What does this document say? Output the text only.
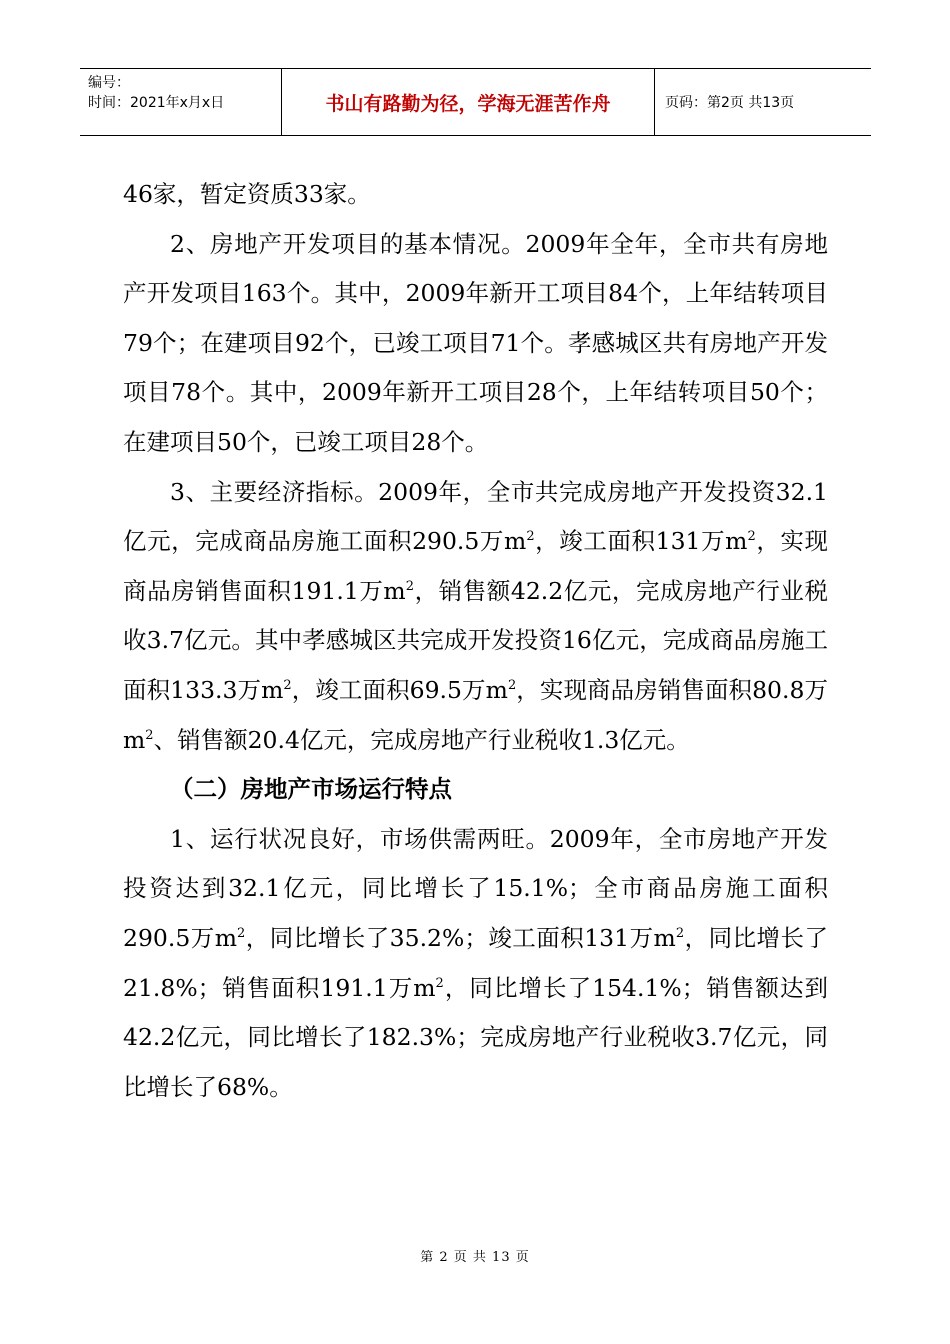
编号：
时间：2021年x月x日	书山有路勤为径，学海无涯苦作舟	页码：第2页 共13页

46家，暂定资质33家。

2、房地产开发项目的基本情况。2009年全年，全市共有房地产开发项目163个。其中，2009年新开工项目84个，上年结转项目79个；在建项目92个，已竣工项目71个。孝感城区共有房地产开发项目78个。其中，2009年新开工项目28个，上年结转项目50个；在建项目50个，已竣工项目28个。

3、主要经济指标。2009年，全市共完成房地产开发投资32.1亿元，完成商品房施工面积290.5万$m^2$，竣工面积131万$m^2$，实现商品房销售面积191.1万$m^2$，销售额42.2亿元，完成房地产行业税收3.7亿元。其中孝感城区共完成开发投资16亿元，完成商品房施工面积133.3万$m^2$，竣工面积69.5万$m^2$，实现商品房销售面积80.8万$m^2$、销售额20.4亿元，完成房地产行业税收1.3亿元。

（二）房地产市场运行特点

1、运行状况良好，市场供需两旺。2009年，全市房地产开发投资达到32.1亿元，同比增长了15.1%；全市商品房施工面积290.5万$m^2$，同比增长了35.2%；竣工面积131万$m^2$，同比增长了21.8%；销售面积191.1万$m^2$，同比增长了154.1%；销售额达到42.2亿元，同比增长了182.3%；完成房地产行业税收3.7亿元，同比增长了68%。

第 2 页 共 13 页
